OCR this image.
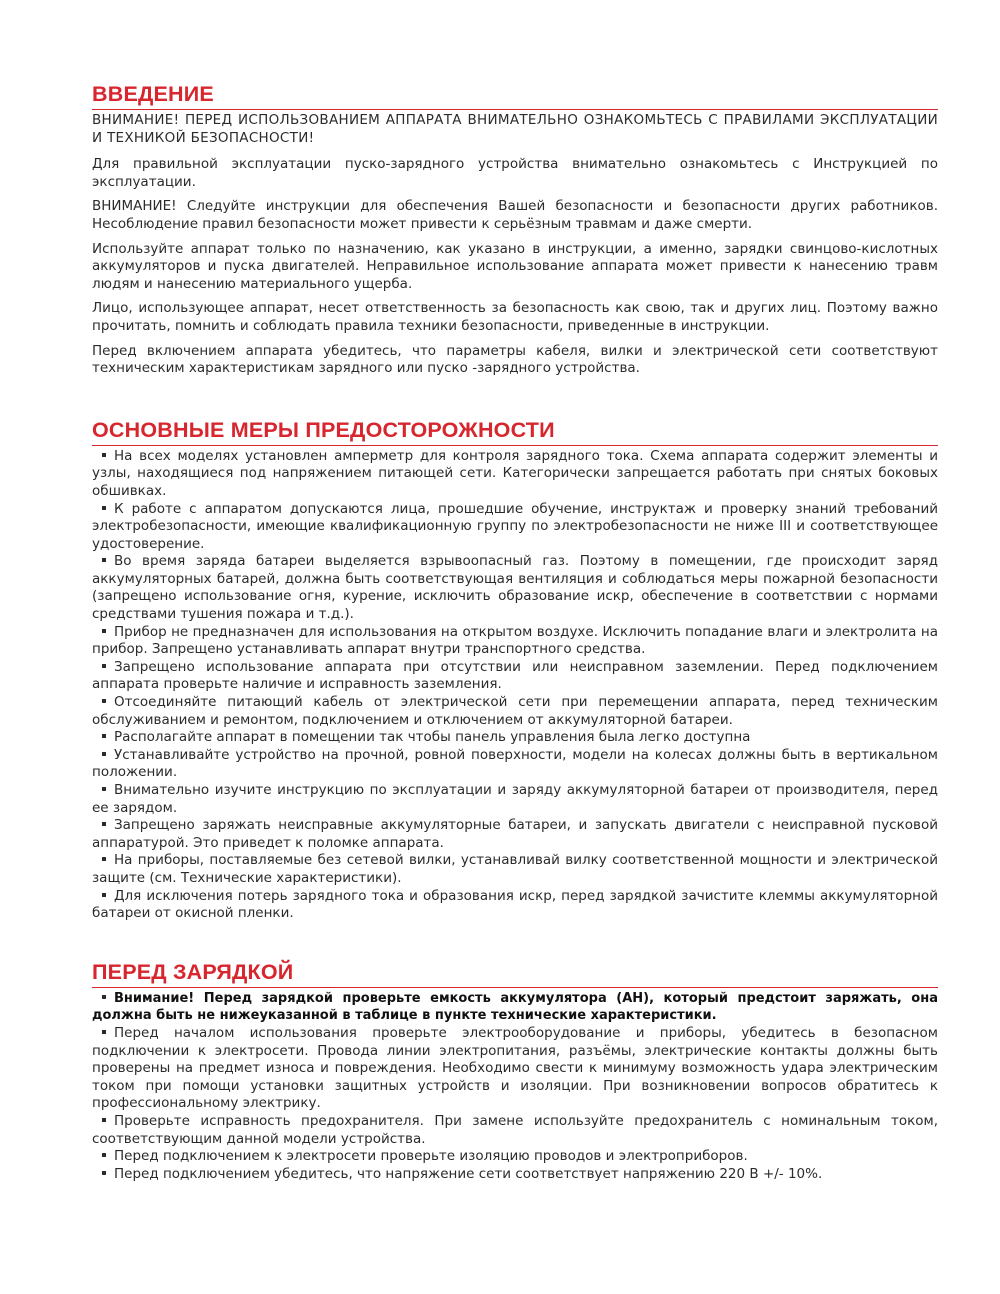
ВВЕДЕНИЕ

ВНИМАНИЕ! ПЕРЕД ИСПОЛЬЗОВАНИЕМ АППАРАТА ВНИМАТЕЛЬНО ОЗНАКОМЬТЕСЬ С ПРАВИЛАМИ ЭКСПЛУАТАЦИИ И ТЕХНИКОЙ БЕЗОПАСНОСТИ!

Для правильной эксплуатации пуско-зарядного устройства внимательно ознакомьтесь с Инструкцией по эксплуатации.

ВНИМАНИЕ! Следуйте инструкции для обеспечения Вашей безопасности и безопасности других работников. Несоблюдение правил безопасности может привести к серьёзным травмам и даже смерти.

Используйте аппарат только по назначению, как указано в инструкции, а именно, зарядки свинцово-кислотных аккумуляторов и пуска двигателей. Неправильное использование аппарата может привести к нанесению травм людям и нанесению материального ущерба.

Лицо, использующее аппарат, несет ответственность за безопасность как свою, так и других лиц. Поэтому важно прочитать, помнить и соблюдать правила техники безопасности, приведенные в инструкции.

Перед включением аппарата убедитесь, что параметры кабеля, вилки и электрической сети соответствуют техническим характеристикам зарядного или пуско -зарядного устройства.

ОСНОВНЫЕ МЕРЫ ПРЕДОСТОРОЖНОСТИ
На всех моделях установлен амперметр для контроля зарядного тока. Схема аппарата содержит элементы и узлы, находящиеся под напряжением питающей сети. Категорически запрещается работать при снятых боковых обшивках.
К работе с аппаратом допускаются лица, прошедшие обучение, инструктаж и проверку знаний требований электробезопасности, имеющие квалификационную группу по электробезопасности не ниже III и соответствующее удостоверение.
Во время заряда батареи выделяется взрывоопасный газ. Поэтому в помещении, где происходит заряд аккумуляторных батарей, должна быть соответствующая вентиляция и соблюдаться меры пожарной безопасности (запрещено использование огня, курение, исключить образование искр, обеспечение в соответствии с нормами средствами тушения пожара и т.д.).
Прибор не предназначен для использования на открытом воздухе. Исключить попадание влаги и электролита на прибор. Запрещено устанавливать аппарат внутри транспортного средства.
Запрещено использование аппарата при отсутствии или неисправном заземлении. Перед подключением аппарата проверьте наличие и исправность заземления.
Отсоединяйте питающий кабель от электрической сети при перемещении аппарата, перед техническим обслуживанием и ремонтом, подключением и отключением от аккумуляторной батареи.
Располагайте аппарат в помещении так чтобы панель управления была легко доступна
Устанавливайте устройство на прочной, ровной поверхности, модели на колесах должны быть в вертикальном положении.
Внимательно изучите инструкцию по эксплуатации и заряду аккумуляторной батареи от производителя, перед ее зарядом.
Запрещено заряжать неисправные аккумуляторные батареи, и запускать двигатели с неисправной пусковой аппаратурой. Это приведет к поломке аппарата.
На приборы, поставляемые без сетевой вилки, устанавливай вилку соответственной мощности и электрической защите (см. Технические характеристики).
Для исключения потерь зарядного тока и образования искр, перед зарядкой зачистите клеммы аккумуляторной батареи от окисной пленки.
ПЕРЕД ЗАРЯДКОЙ
Внимание! Перед зарядкой проверьте емкость аккумулятора (АН), который предстоит заряжать, она должна быть не нижеуказанной в таблице в пункте технические характеристики.
Перед началом использования проверьте электрооборудование и приборы, убедитесь в безопасном подключении к электросети. Провода линии электропитания, разъёмы, электрические контакты должны быть проверены на предмет износа и повреждения. Необходимо свести к минимуму возможность удара электрическим током при помощи установки защитных устройств и изоляции. При возникновении вопросов обратитесь к профессиональному электрику.
Проверьте исправность предохранителя. При замене используйте предохранитель с номинальным током, соответствующим данной модели устройства.
Перед подключением к электросети проверьте изоляцию проводов и электроприборов.
Перед подключением убедитесь, что напряжение сети соответствует напряжению 220 В +/- 10%.
